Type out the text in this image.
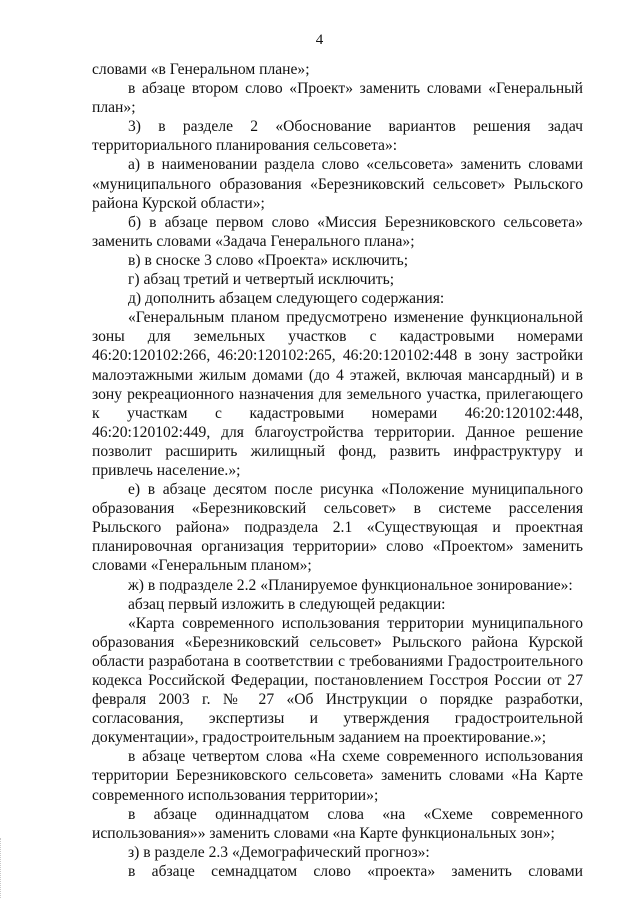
4

словами «в Генеральном плане»;

в абзаце втором слово «Проект» заменить словами «Генеральный план»;

3) в разделе 2 «Обоснование вариантов решения задач территориального планирования сельсовета»:

а) в наименовании раздела слово «сельсовета» заменить словами «муниципального образования «Березниковский сельсовет» Рыльского района Курской области»;

б) в абзаце первом слово «Миссия Березниковского сельсовета» заменить словами «Задача Генерального плана»;

в) в сноске 3 слово «Проекта» исключить;

г) абзац третий и четвертый исключить;

д) дополнить абзацем следующего содержания:

«Генеральным планом предусмотрено изменение функциональной зоны для земельных участков с кадастровыми номерами 46:20:120102:266, 46:20:120102:265, 46:20:120102:448 в зону застройки малоэтажными жилым домами (до 4 этажей, включая мансардный) и в зону рекреационного назначения для земельного участка, прилегающего к участкам с кадастровыми номерами 46:20:120102:448, 46:20:120102:449, для благоустройства территории. Данное решение позволит расширить жилищный фонд, развить инфраструктуру и привлечь население.»;

е) в абзаце десятом после рисунка «Положение муниципального образования «Березниковский сельсовет» в системе расселения Рыльского района» подраздела 2.1 «Существующая и проектная планировочная организация территории» слово «Проектом» заменить словами «Генеральным планом»;

ж) в подразделе 2.2 «Планируемое функциональное зонирование»:

абзац первый изложить в следующей редакции:

«Карта современного использования территории муниципального образования «Березниковский сельсовет» Рыльского района Курской области разработана в соответствии с требованиями Градостроительного кодекса Российской Федерации, постановлением Госстроя России от 27 февраля 2003 г. № 27 «Об Инструкции о порядке разработки, согласования, экспертизы и утверждения градостроительной документации», градостроительным заданием на проектирование.»;

в абзаце четвертом слова «На схеме современного использования территории Березниковского сельсовета» заменить словами «На Карте современного использования территории»;

в абзаце одиннадцатом слова «на «Схеме современного использования»» заменить словами «на Карте функциональных зон»;

з) в разделе 2.3 «Демографический прогноз»:

в абзаце семнадцатом слово «проекта» заменить словами
